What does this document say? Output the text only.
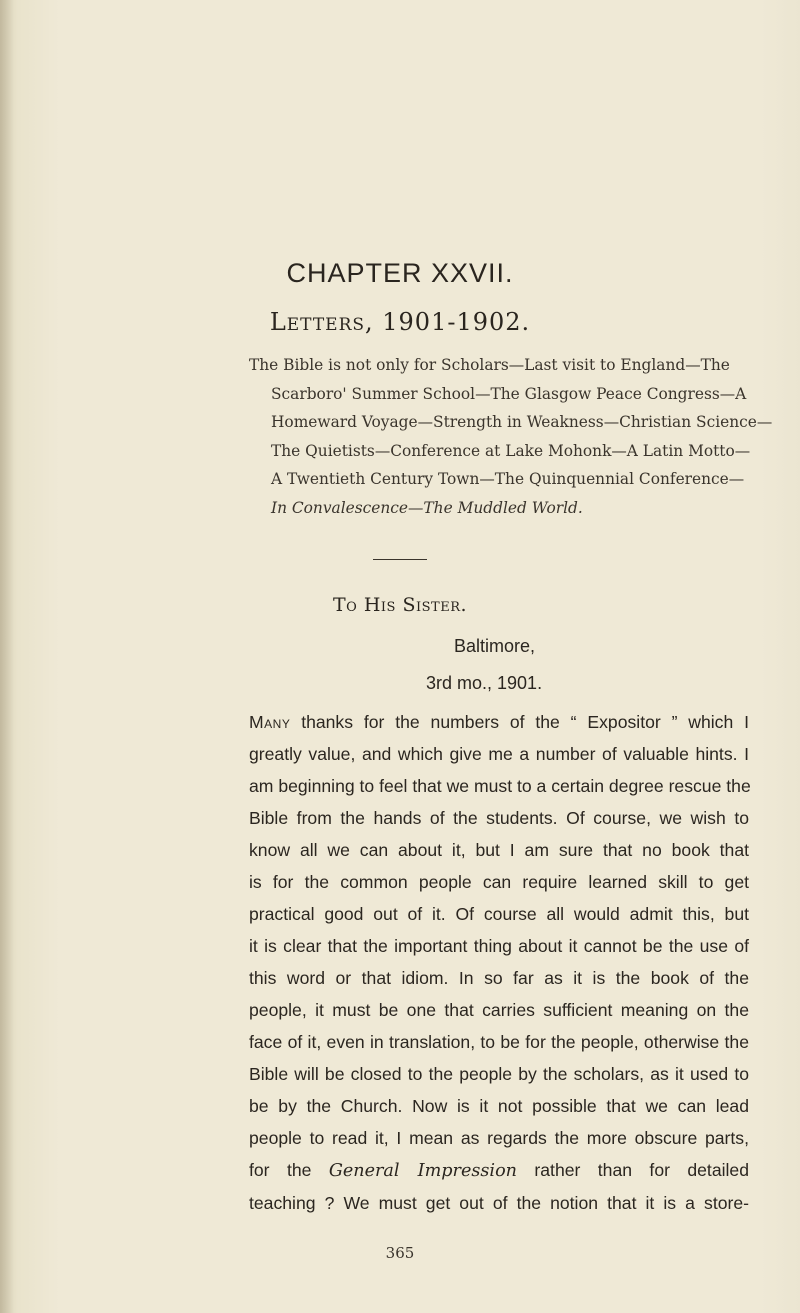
CHAPTER XXVII.
Letters, 1901-1902.
The Bible is not only for Scholars—Last visit to England—The
Scarboro' Summer School—The Glasgow Peace Congress—A
Homeward Voyage—Strength in Weakness—Christian Science—
The Quietists—Conference at Lake Mohonk—A Latin Motto—
A Twentieth Century Town—The Quinquennial Conference—
In Convalescence—The Muddled World.
To His Sister.
Baltimore,
3rd mo., 1901.
Many thanks for the numbers of the “ Expositor ” which I
greatly value, and which give me a number of valuable hints. I
am beginning to feel that we must to a certain degree rescue the
Bible from the hands of the students. Of course, we wish to
know all we can about it, but I am sure that no book that
is for the common people can require learned skill to get
practical good out of it. Of course all would admit this, but
it is clear that the important thing about it cannot be the use of
this word or that idiom. In so far as it is the book of the
people, it must be one that carries sufficient meaning on the
face of it, even in translation, to be for the people, otherwise the
Bible will be closed to the people by the scholars, as it used to
be by the Church. Now is it not possible that we can lead
people to read it, I mean as regards the more obscure parts,
for the General Impression rather than for detailed
teaching ? We must get out of the notion that it is a store-
365
